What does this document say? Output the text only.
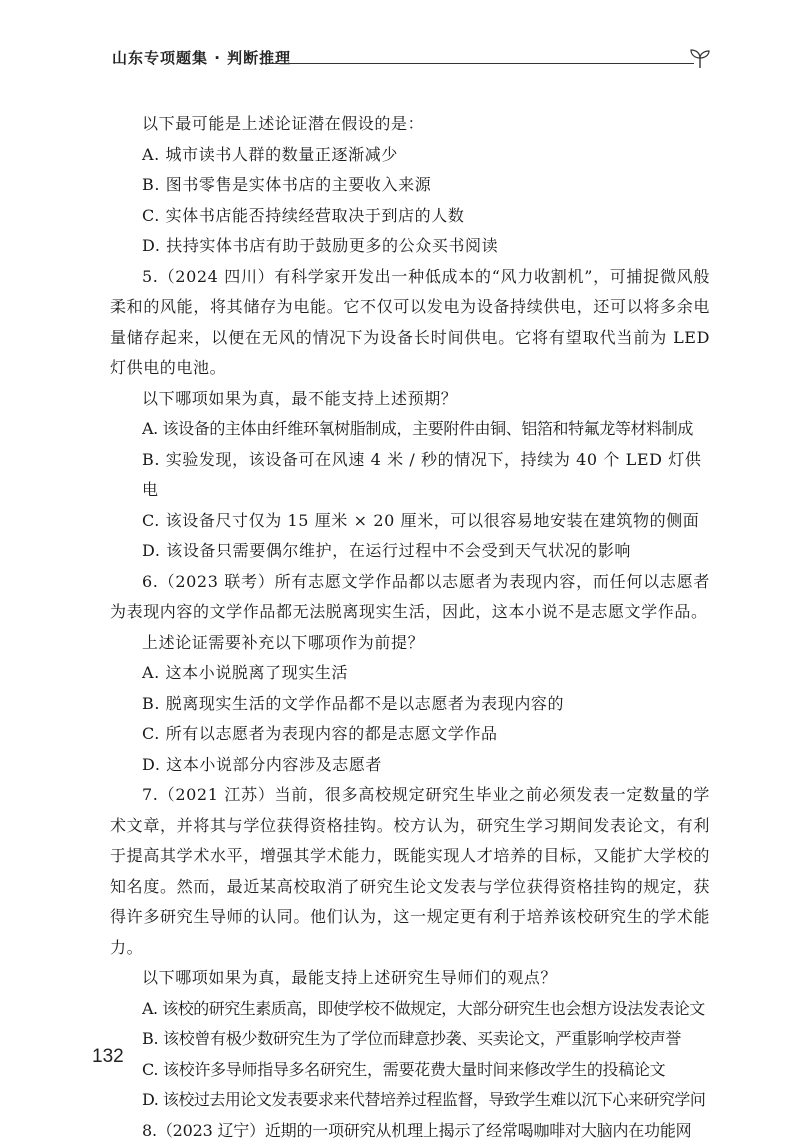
山东专项题集 · 判断推理

以下最可能是上述论证潜在假设的是：

A. 城市读书人群的数量正逐渐减少

B. 图书零售是实体书店的主要收入来源

C. 实体书店能否持续经营取决于到店的人数

D. 扶持实体书店有助于鼓励更多的公众买书阅读

5.（2024 四川）有科学家开发出一种低成本的“风力收割机”，可捕捉微风般柔和的风能，将其储存为电能。它不仅可以发电为设备持续供电，还可以将多余电量储存起来，以便在无风的情况下为设备长时间供电。它将有望取代当前为 LED 灯供电的电池。

以下哪项如果为真，最不能支持上述预期？

A. 该设备的主体由纤维环氧树脂制成，主要附件由铜、铝箔和特氟龙等材料制成

B. 实验发现，该设备可在风速 4 米 / 秒的情况下，持续为 40 个 LED 灯供电

C. 该设备尺寸仅为 15 厘米 × 20 厘米，可以很容易地安装在建筑物的侧面

D. 该设备只需要偶尔维护，在运行过程中不会受到天气状况的影响

6.（2023 联考）所有志愿文学作品都以志愿者为表现内容，而任何以志愿者为表现内容的文学作品都无法脱离现实生活，因此，这本小说不是志愿文学作品。

上述论证需要补充以下哪项作为前提？

A. 这本小说脱离了现实生活

B. 脱离现实生活的文学作品都不是以志愿者为表现内容的

C. 所有以志愿者为表现内容的都是志愿文学作品

D. 这本小说部分内容涉及志愿者

7.（2021 江苏）当前，很多高校规定研究生毕业之前必须发表一定数量的学术文章，并将其与学位获得资格挂钩。校方认为，研究生学习期间发表论文，有利于提高其学术水平，增强其学术能力，既能实现人才培养的目标，又能扩大学校的知名度。然而，最近某高校取消了研究生论文发表与学位获得资格挂钩的规定，获得许多研究生导师的认同。他们认为，这一规定更有利于培养该校研究生的学术能力。

以下哪项如果为真，最能支持上述研究生导师们的观点？

A. 该校的研究生素质高，即使学校不做规定，大部分研究生也会想方设法发表论文

B. 该校曾有极少数研究生为了学位而肆意抄袭、买卖论文，严重影响学校声誉

C. 该校许多导师指导多名研究生，需要花费大量时间来修改学生的投稿论文

D. 该校过去用论文发表要求来代替培养过程监督，导致学生难以沉下心来研究学问

8.（2023 辽宁）近期的一项研究从机理上揭示了经常喝咖啡对大脑内在功能网

132
